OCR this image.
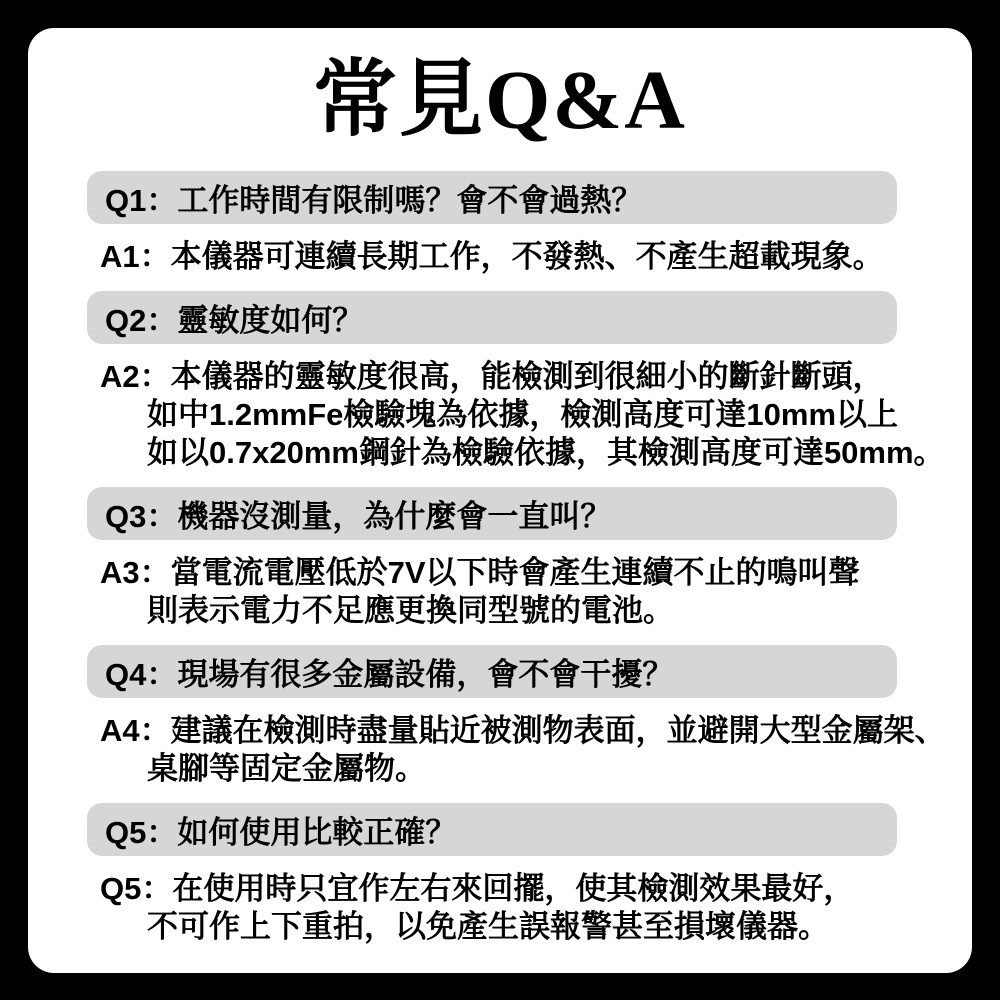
常見Q&A
Q1： 工作時間有限制嗎？會不會過熱？
A1：本儀器可連續長期工作，不發熱、不產生超載現象。
Q2： 靈敏度如何？
A2：本儀器的靈敏度很高，能檢測到很細小的斷針斷頭，
如中1.2mmFe檢驗塊為依據，檢測高度可達10mm以上
如以0.7x20mm鋼針為檢驗依據，其檢測高度可達50mm。
Q3： 機器沒測量，為什麼會一直叫？
A3：當電流電壓低於7V以下時會產生連續不止的鳴叫聲
則表示電力不足應更換同型號的電池。
Q4： 現場有很多金屬設備，會不會干擾？
A4：建議在檢測時盡量貼近被測物表面，並避開大型金屬架、
桌腳等固定金屬物。
Q5： 如何使用比較正確？
Q5：在使用時只宜作左右來回擺，使其檢測效果最好，
不可作上下重拍，以免產生誤報警甚至損壞儀器。
